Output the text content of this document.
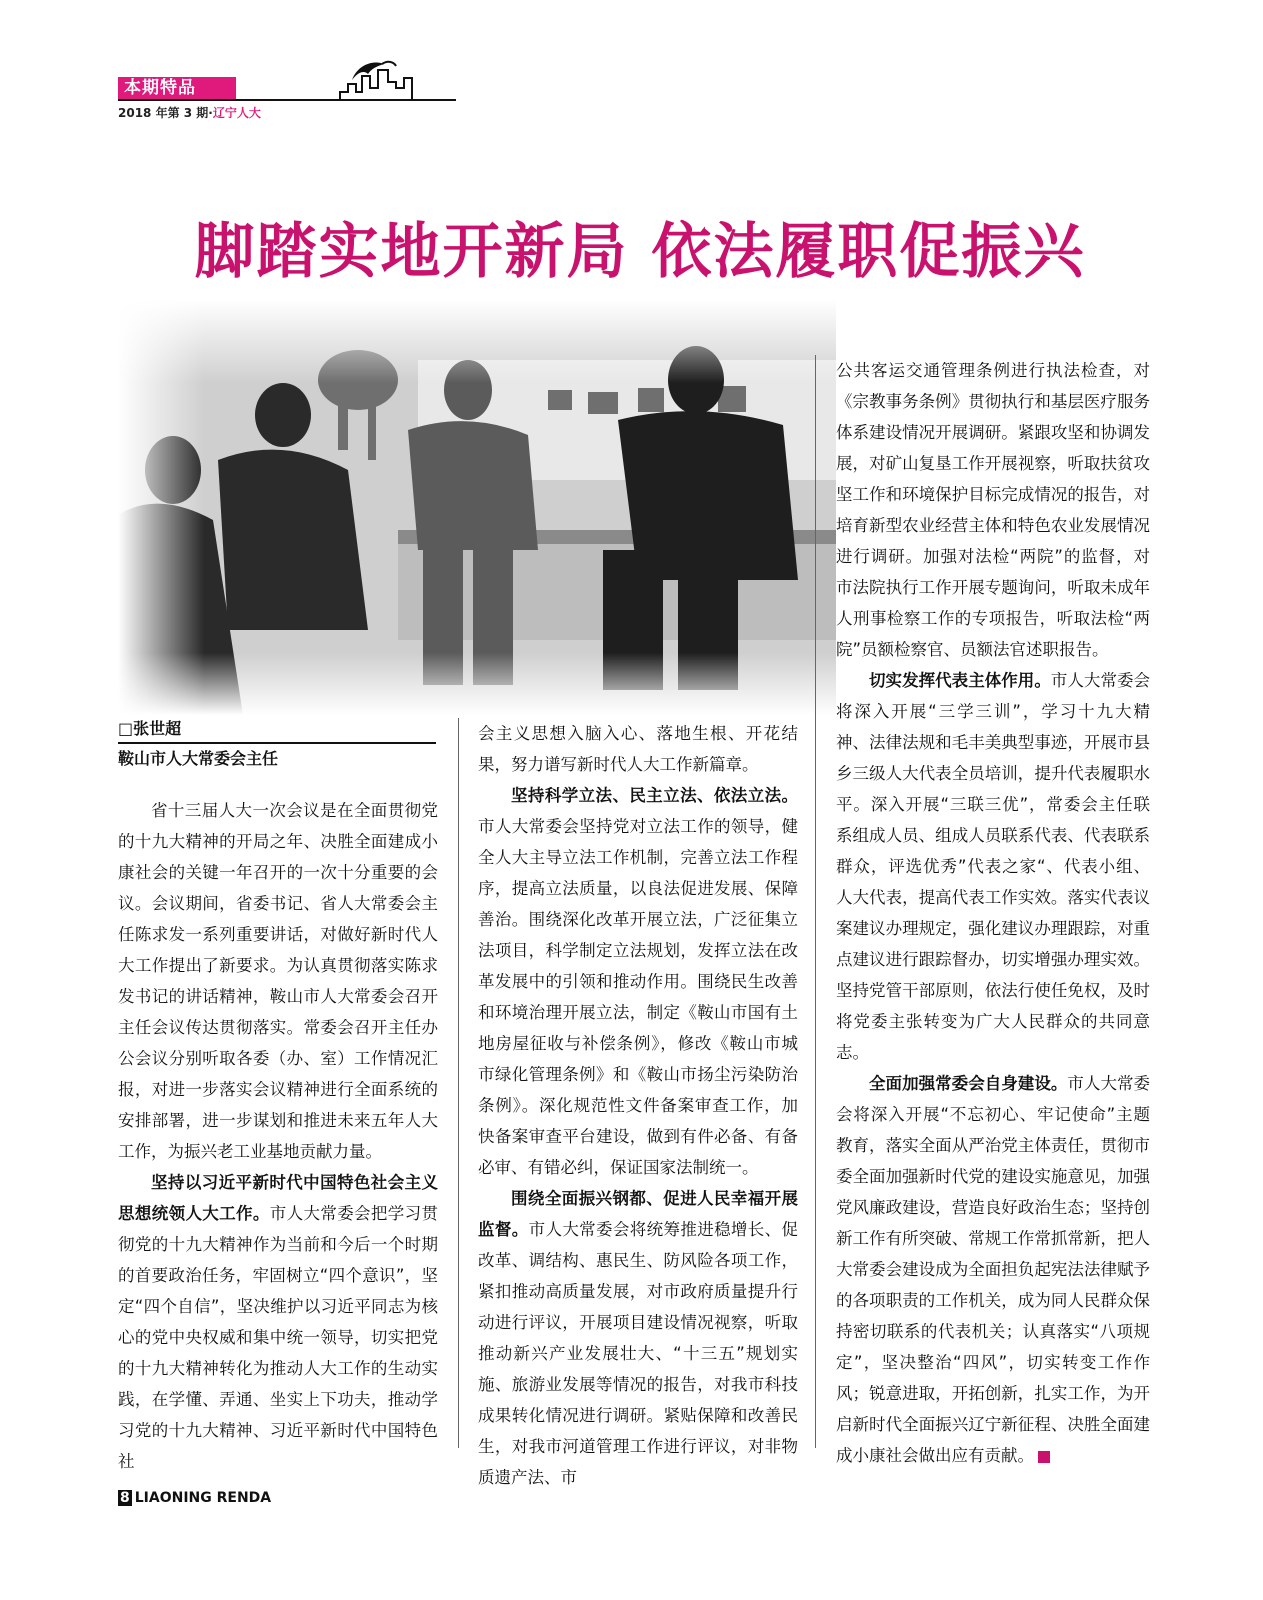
本期特品
2018 年第 3 期·辽宁人大
脚踏实地开新局 依法履职促振兴
□张世超
鞍山市人大常委会主任

省十三届人大一次会议是在全面贯彻党的十九大精神的开局之年、决胜全面建成小康社会的关键一年召开的一次十分重要的会议。会议期间，省委书记、省人大常委会主任陈求发一系列重要讲话，对做好新时代人大工作提出了新要求。为认真贯彻落实陈求发书记的讲话精神，鞍山市人大常委会召开主任会议传达贯彻落实。常委会召开主任办公会议分别听取各委（办、室）工作情况汇报，对进一步落实会议精神进行全面系统的安排部署，进一步谋划和推进未来五年人大工作，为振兴老工业基地贡献力量。

坚持以习近平新时代中国特色社会主义思想统领人大工作。市人大常委会把学习贯彻党的十九大精神作为当前和今后一个时期的首要政治任务，牢固树立“四个意识”，坚定“四个自信”，坚决维护以习近平同志为核心的党中央权威和集中统一领导，切实把党的十九大精神转化为推动人大工作的生动实践，在学懂、弄通、坐实上下功夫，推动学习党的十九大精神、习近平新时代中国特色社

会主义思想入脑入心、落地生根、开花结果，努力谱写新时代人大工作新篇章。

坚持科学立法、民主立法、依法立法。市人大常委会坚持党对立法工作的领导，健全人大主导立法工作机制，完善立法工作程序，提高立法质量，以良法促进发展、保障善治。围绕深化改革开展立法，广泛征集立法项目，科学制定立法规划，发挥立法在改革发展中的引领和推动作用。围绕民生改善和环境治理开展立法，制定《鞍山市国有土地房屋征收与补偿条例》，修改《鞍山市城市绿化管理条例》和《鞍山市扬尘污染防治条例》。深化规范性文件备案审查工作，加快备案审查平台建设，做到有件必备、有备必审、有错必纠，保证国家法制统一。

围绕全面振兴钢都、促进人民幸福开展监督。市人大常委会将统筹推进稳增长、促改革、调结构、惠民生、防风险各项工作，紧扣推动高质量发展，对市政府质量提升行动进行评议，开展项目建设情况视察，听取推动新兴产业发展壮大、“十三五”规划实施、旅游业发展等情况的报告，对我市科技成果转化情况进行调研。紧贴保障和改善民生，对我市河道管理工作进行评议，对非物质遗产法、市

公共客运交通管理条例进行执法检查，对《宗教事务条例》贯彻执行和基层医疗服务体系建设情况开展调研。紧跟攻坚和协调发展，对矿山复垦工作开展视察，听取扶贫攻坚工作和环境保护目标完成情况的报告，对培育新型农业经营主体和特色农业发展情况进行调研。加强对法检“两院”的监督，对市法院执行工作开展专题询问，听取未成年人刑事检察工作的专项报告，听取法检“两院”员额检察官、员额法官述职报告。

切实发挥代表主体作用。市人大常委会将深入开展“三学三训”，学习十九大精神、法律法规和毛丰美典型事迹，开展市县乡三级人大代表全员培训，提升代表履职水平。深入开展“三联三优”，常委会主任联系组成人员、组成人员联系代表、代表联系群众，评选优秀”代表之家“、代表小组、人大代表，提高代表工作实效。落实代表议案建议办理规定，强化建议办理跟踪，对重点建议进行跟踪督办，切实增强办理实效。坚持党管干部原则，依法行使任免权，及时将党委主张转变为广大人民群众的共同意志。

全面加强常委会自身建设。市人大常委会将深入开展“不忘初心、牢记使命”主题教育，落实全面从严治党主体责任，贯彻市委全面加强新时代党的建设实施意见，加强党风廉政建设，营造良好政治生态；坚持创新工作有所突破、常规工作常抓常新，把人大常委会建设成为全面担负起宪法法律赋予的各项职责的工作机关，成为同人民群众保持密切联系的代表机关；认真落实“八项规定”，坚决整治“四风”，切实转变工作作风；锐意进取，开拓创新，扎实工作，为开启新时代全面振兴辽宁新征程、决胜全面建成小康社会做出应有贡献。

8 LIAONING RENDA
